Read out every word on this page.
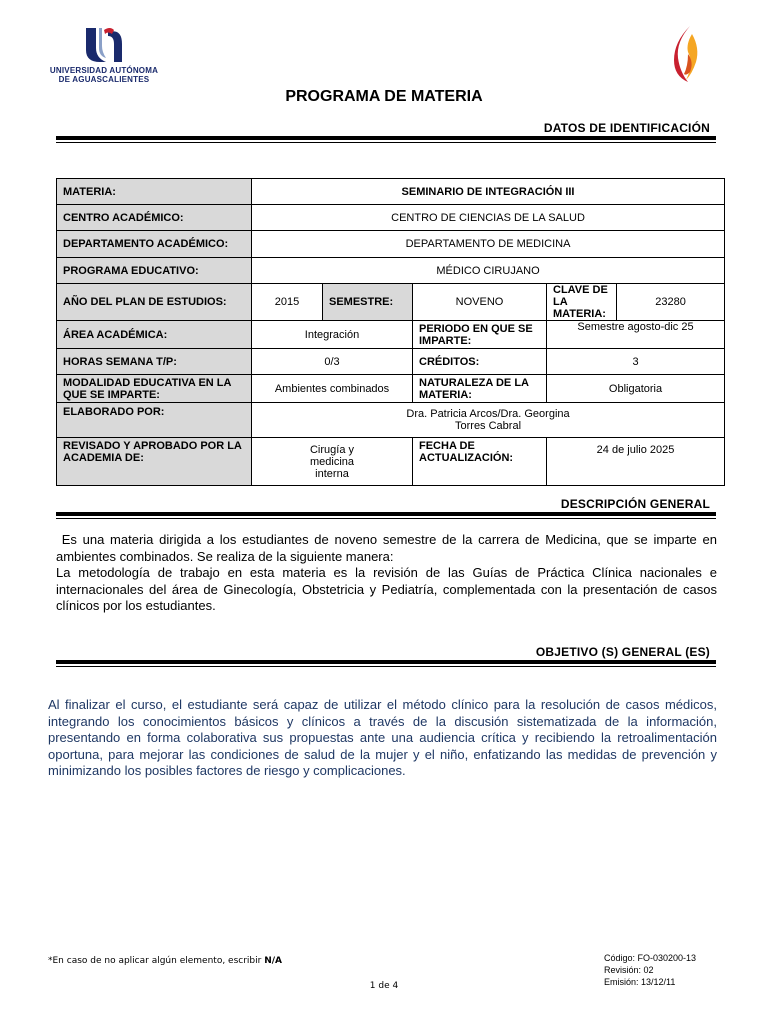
UNIVERSIDAD AUTÓNOMA
DE AGUASCALIENTES
PROGRAMA DE MATERIA
DATOS DE IDENTIFICACIÓN
MATERIA:	SEMINARIO DE INTEGRACIÓN III				
CENTRO ACADÉMICO:	CENTRO DE CIENCIAS DE LA SALUD				
DEPARTAMENTO ACADÉMICO:	DEPARTAMENTO DE MEDICINA				
PROGRAMA EDUCATIVO:	MÉDICO CIRUJANO				
AÑO DEL PLAN DE ESTUDIOS:	2015	SEMESTRE:	NOVENO	CLAVE DE LA MATERIA:	23280
ÁREA ACADÉMICA:	Integración		PERIODO EN QUE SE IMPARTE:	Semestre agosto-dic 25	
HORAS SEMANA T/P:	0/3		CRÉDITOS:	3	
MODALIDAD EDUCATIVA EN LA QUE SE IMPARTE:	Ambientes combinados		NATURALEZA DE LA MATERIA:	Obligatoria	
ELABORADO POR:	Dra. Patricia Arcos/Dra. Georgina Torres Cabral				
REVISADO Y APROBADO POR LA ACADEMIA DE:	Cirugía y medicina interna		FECHA DE ACTUALIZACIÓN:	24 de julio 2025	
DESCRIPCIÓN GENERAL
Es una materia dirigida a los estudiantes de noveno semestre de la carrera de Medicina, que se imparte en ambientes combinados. Se realiza de la siguiente manera:
La metodología de trabajo en esta materia es la revisión de las Guías de Práctica Clínica nacionales e internacionales del área de Ginecología, Obstetricia y Pediatría, complementada con la presentación de casos clínicos por los estudiantes.
OBJETIVO (S) GENERAL (ES)
Al finalizar el curso, el estudiante será capaz de utilizar el método clínico para la resolución de casos médicos, integrando los conocimientos básicos y clínicos a través de la discusión sistematizada de la información, presentando en forma colaborativa sus propuestas ante una audiencia crítica y recibiendo la retroalimentación oportuna, para mejorar las condiciones de salud de la mujer y el niño, enfatizando las medidas de prevención y minimizando los posibles factores de riesgo y complicaciones.
*En caso de no aplicar algún elemento, escribir N/A
1 de 4
Código: FO-030200-13
Revisión: 02
Emisión: 13/12/11
